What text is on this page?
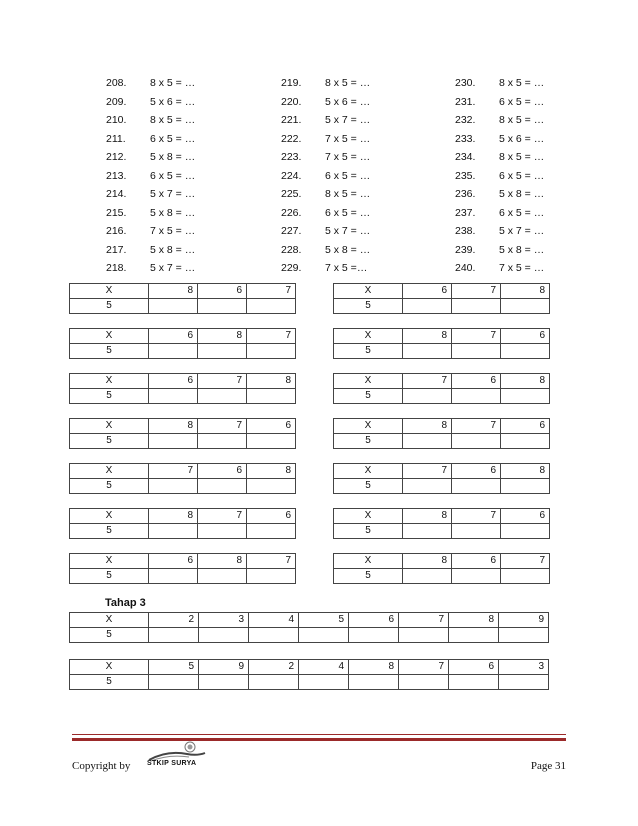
208.	8 x 5 = …
209.	5 x 6 = …
210.	8 x 5 = …
211.	6 x 5 = …
212.	5 x 8 = …
213.	6 x 5 = …
214.	5 x 7 = …
215.	5 x 8 = …
216.	7 x 5 = …
217.	5 x 8 = …
218.	5 x 7 = …
219.	8 x 5 = …
220.	5 x 6 = …
221.	5 x 7 = …
222.	7 x 5 = …
223.	7 x 5 = …
224.	6 x 5 = …
225.	8 x 5 = …
226.	6 x 5 = …
227.	5 x 7 = …
228.	5 x 8 = …
229.	7 x 5 =…
230.	8 x 5 = …
231.	6 x 5 = …
232.	8 x 5 = …
233.	5 x 6 = …
234.	8 x 5 = …
235.	6 x 5 = …
236.	5 x 8 = …
237.	6 x 5 = …
238.	5 x 7 = …
239.	5 x 8 = …
240.	7 x 5 = …
X	8	6	7
5			
X	6	8	7
5			
X	6	7	8
5			
X	8	7	6
5			
X	7	6	8
5			
X	8	7	6
5			
X	6	8	7
5			
X	6	7	8
5			
X	8	7	6
5			
X	7	6	8
5			
X	8	7	6
5			
X	7	6	8
5			
X	8	7	6
5			
X	8	6	7
5			
X	2	3	4	5	6	7	8	9
5								
X	5	9	2	4	8	7	6	3
5								
Tahap 3
Copyright by STKIP SURYA	Page 31
